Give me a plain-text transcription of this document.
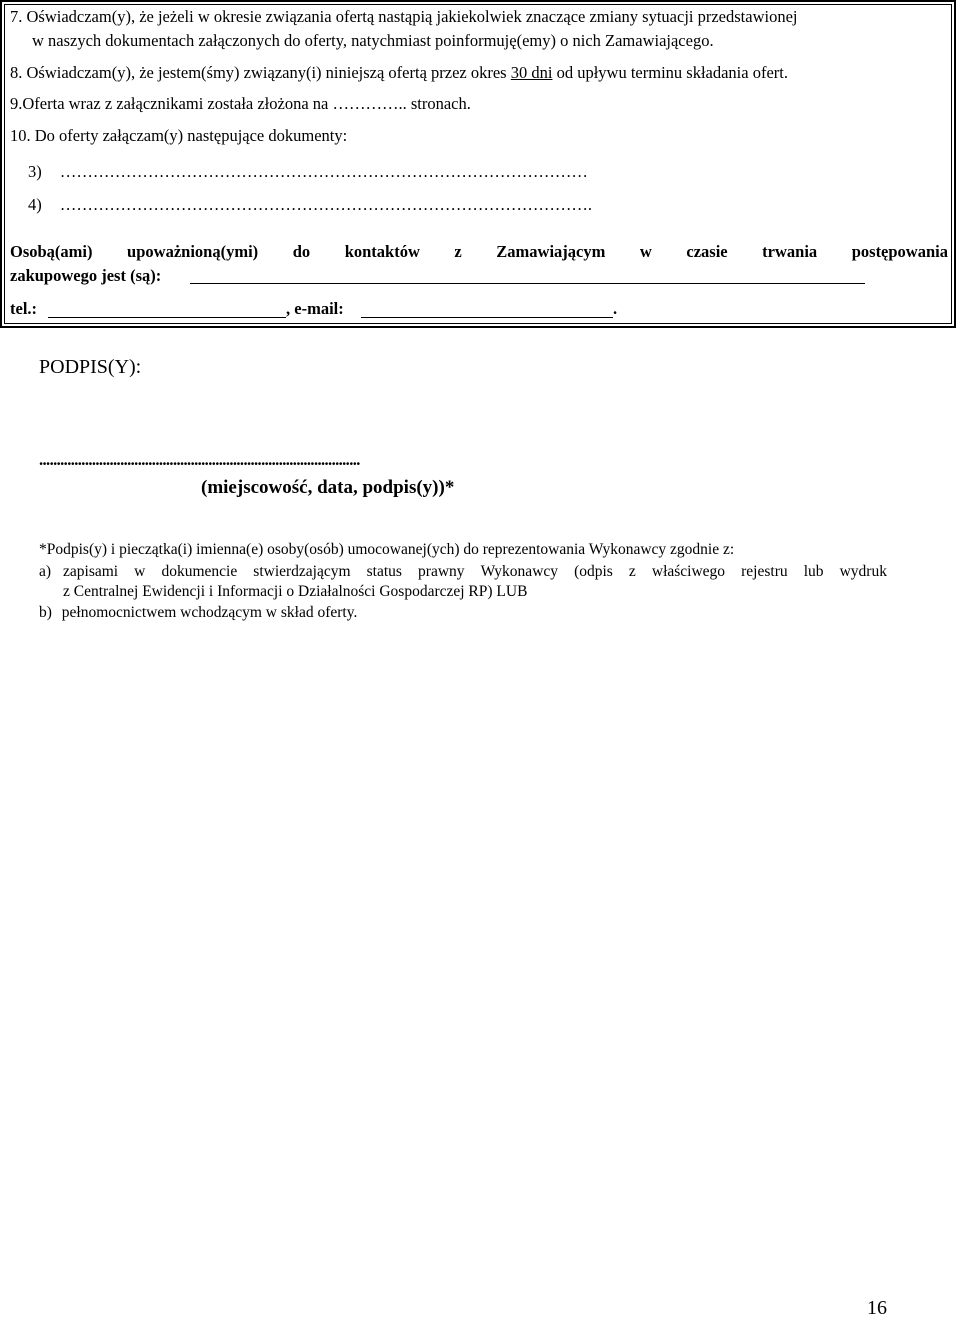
7. Oświadczam(y), że jeżeli w okresie związania ofertą nastąpią jakiekolwiek znaczące zmiany sytuacji przedstawionej
w naszych dokumentach załączonych do oferty, natychmiast poinformuję(emy) o nich Zamawiającego.
8. Oświadczam(y), że jestem(śmy) związany(i) niniejszą ofertą przez okres 30 dni od upływu terminu składania ofert.
9.Oferta wraz z załącznikami została złożona na ………….. stronach.
10. Do oferty załączam(y) następujące dokumenty:
3) ……………………………………………………………………………………
4) …………………………………………………………………………………….
Osobą(ami) upoważnioną(ymi) do kontaktów z Zamawiającym w czasie trwania postępowania
zakupowego jest (są):
tel.:	, e-mail:	.
PODPIS(Y):
...........................................................................................
(miejscowość, data, podpis(y))*
*Podpis(y) i pieczątka(i) imienna(e) osoby(osób) umocowanej(ych) do reprezentowania Wykonawcy zgodnie z:
a) zapisami w dokumencie stwierdzającym status prawny Wykonawcy (odpis z właściwego rejestru lub wydruk
z Centralnej Ewidencji i Informacji o Działalności Gospodarczej RP) LUB
b) pełnomocnictwem wchodzącym w skład oferty.
16
